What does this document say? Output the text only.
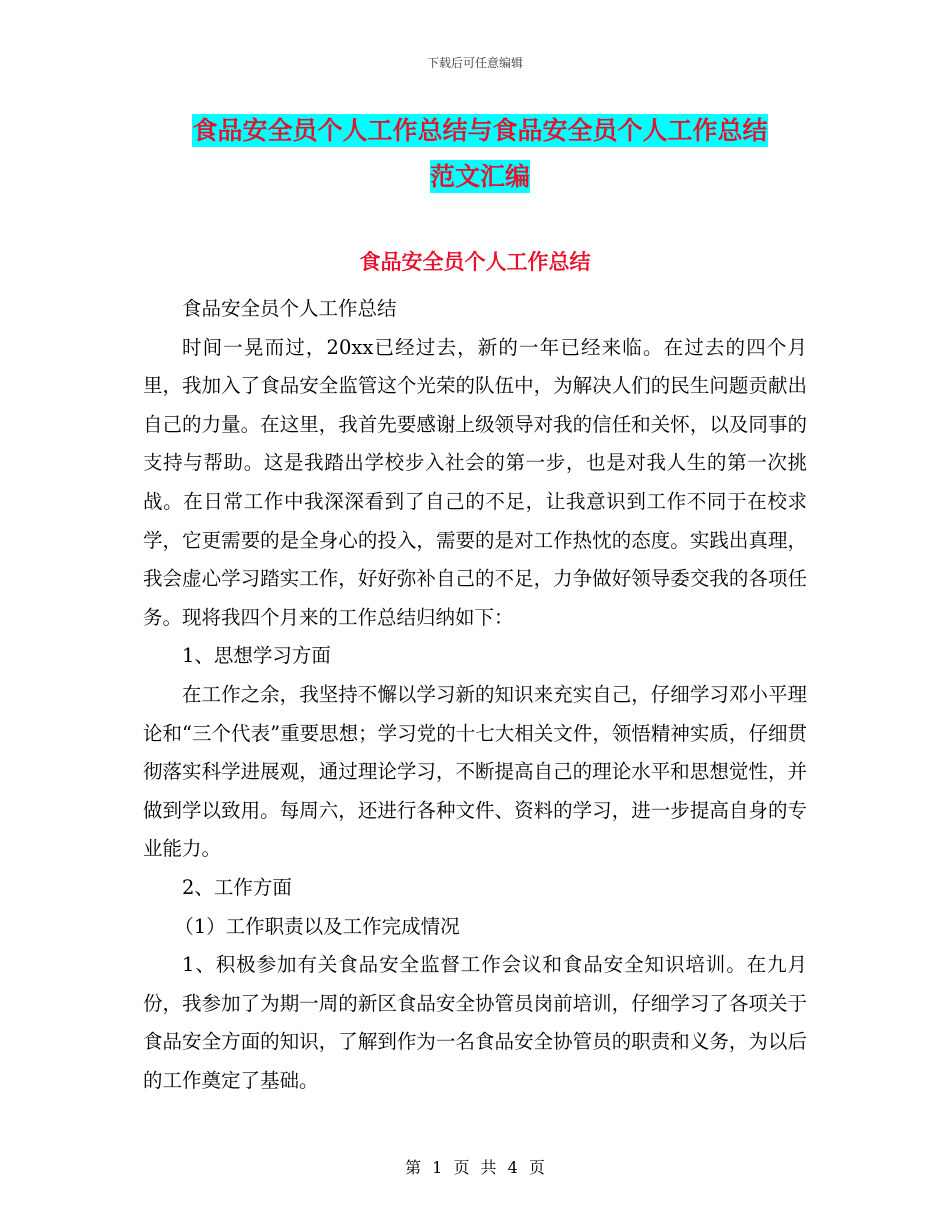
下载后可任意编辑
食品安全员个人工作总结与食品安全员个人工作总结
范文汇编
食品安全员个人工作总结

食品安全员个人工作总结

时间一晃而过，20xx已经过去，新的一年已经来临。在过去的四个月里，我加入了食品安全监管这个光荣的队伍中，为解决人们的民生问题贡献出自己的力量。在这里，我首先要感谢上级领导对我的信任和关怀，以及同事的支持与帮助。这是我踏出学校步入社会的第一步，也是对我人生的第一次挑战。在日常工作中我深深看到了自己的不足，让我意识到工作不同于在校求学，它更需要的是全身心的投入，需要的是对工作热忱的态度。实践出真理，我会虚心学习踏实工作，好好弥补自己的不足，力争做好领导委交我的各项任务。现将我四个月来的工作总结归纳如下：

1、思想学习方面

在工作之余，我坚持不懈以学习新的知识来充实自己，仔细学习邓小平理论和“三个代表”重要思想；学习党的十七大相关文件，领悟精神实质，仔细贯彻落实科学进展观，通过理论学习，不断提高自己的理论水平和思想觉性，并做到学以致用。每周六，还进行各种文件、资料的学习，进一步提高自身的专业能力。

2、工作方面

（1）工作职责以及工作完成情况

1、积极参加有关食品安全监督工作会议和食品安全知识培训。在九月份，我参加了为期一周的新区食品安全协管员岗前培训，仔细学习了各项关于食品安全方面的知识，了解到作为一名食品安全协管员的职责和义务，为以后的工作奠定了基础。

第 1 页 共 4 页
